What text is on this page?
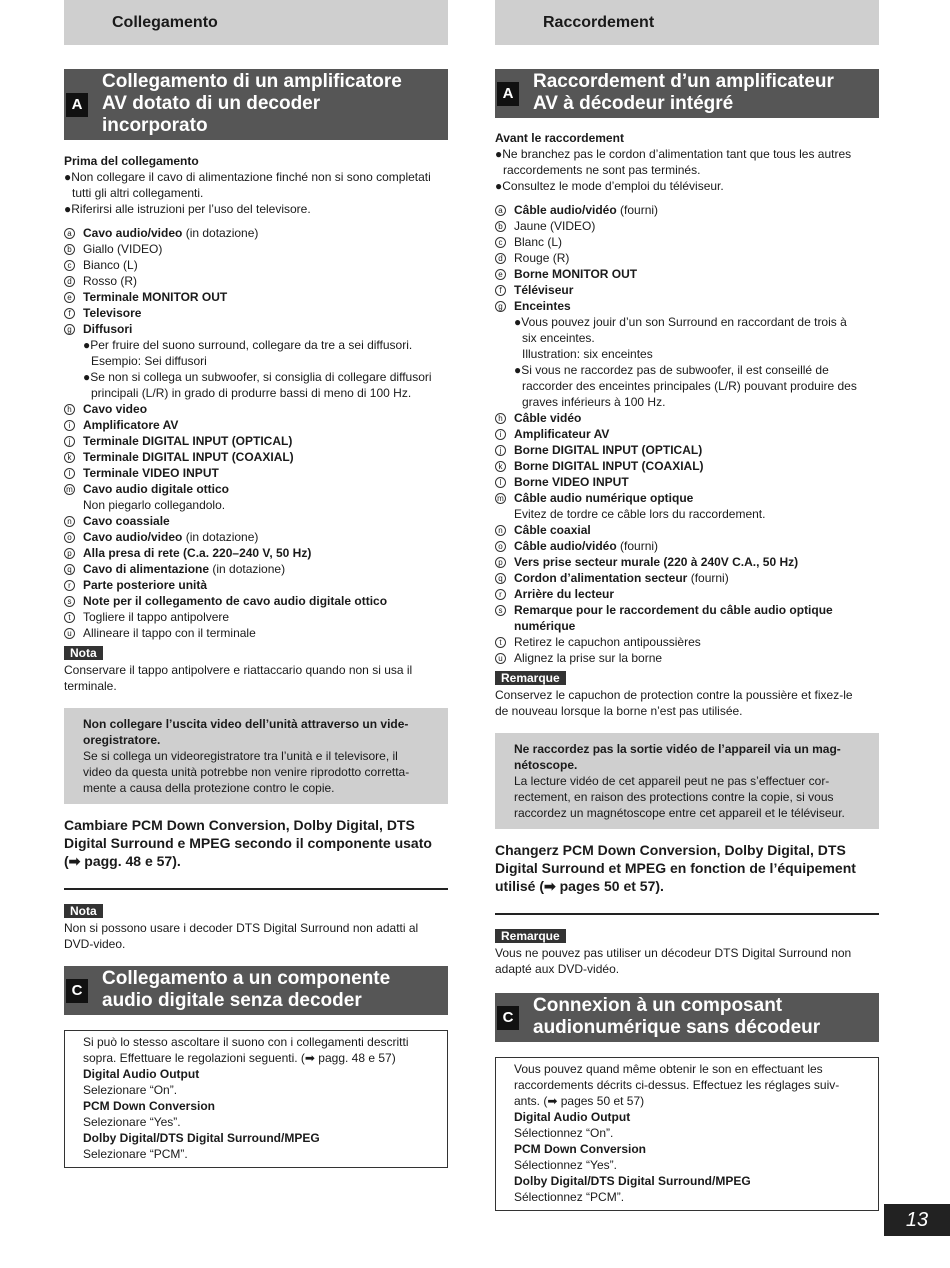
Collegamento
A
Collegamento di un amplificatore
AV dotato di un decoder
incorporato
Prima del collegamento
●Non collegare il cavo di alimentazione finché non si sono completati
tutti gli altri collegamenti.
●Riferirsi alle istruzioni per l’uso del televisore.
a Cavo audio/video (in dotazione)
b Giallo (VIDEO)
c Bianco (L)
d Rosso (R)
e Terminale MONITOR OUT
f	Televisore
g Diffusori
●Per fruire del suono surround, collegare da tre a sei diffusori.
Esempio: Sei diffusori
●Se non si collega un subwoofer, si consiglia di collegare diffusori
principali (L/R) in grado di produrre bassi di meno di 100 Hz.
h Cavo video
i	Amplificatore AV
j	Terminale DIGITAL INPUT (OPTICAL)
k Terminale DIGITAL INPUT (COAXIAL)
l	Terminale VIDEO INPUT
m Cavo audio digitale ottico
Non piegarlo collegandolo.
n Cavo coassiale
o Cavo audio/video (in dotazione)
p Alla presa di rete (C.a. 220–240 V, 50 Hz)
q Cavo di alimentazione (in dotazione)
r	Parte posteriore unità
s Note per il collegamento de cavo audio digitale ottico
t	Togliere il tappo antipolvere
u Allineare il tappo con il terminale
Nota
Conservare il tappo antipolvere e riattaccario quando non si usa il
terminale.
Non collegare l’uscita video dell’unità attraverso un vide-
oregistratore.
Se si collega un videoregistratore tra l’unità e il televisore, il
video da questa unità potrebbe non venire riprodotto corretta-
mente a causa della protezione contro le copie.
Cambiare PCM Down Conversion, Dolby Digital, DTS
Digital Surround e MPEG secondo il componente usato
(➡ pagg. 48 e 57).
Nota
Non si possono usare i decoder DTS Digital Surround non adatti al
DVD-video.
C
Collegamento a un componente
audio digitale senza decoder
Si può lo stesso ascoltare il suono con i collegamenti descritti
sopra. Effettuare le regolazioni seguenti. (➡ pagg. 48 e 57)
Digital Audio Output
Selezionare “On”.
PCM Down Conversion
Selezionare “Yes”.
Dolby Digital/DTS Digital Surround/MPEG
Selezionare “PCM”.
Raccordement
A
Raccordement d’un amplificateur
AV à décodeur intégré
Avant le raccordement
●Ne branchez pas le cordon d’alimentation tant que tous les autres
raccordements ne sont pas terminés.
●Consultez le mode d’emploi du téléviseur.
a Câble audio/vidéo (fourni)
b Jaune (VIDEO)
c Blanc (L)
d Rouge (R)
e Borne MONITOR OUT
f	Téléviseur
g Enceintes
●Vous pouvez jouir d’un son Surround en raccordant de trois à
six enceintes.
Illustration: six enceintes
●Si vous ne raccordez pas de subwoofer, il est conseillé de
raccorder des enceintes principales (L/R) pouvant produire des
graves inférieurs à 100 Hz.
h Câble vidéo
i	Amplificateur AV
j	Borne DIGITAL INPUT (OPTICAL)
k Borne DIGITAL INPUT (COAXIAL)
l	Borne VIDEO INPUT
m Câble audio numérique optique
Evitez de tordre ce câble lors du raccordement.
n Câble coaxial
o Câble audio/vidéo (fourni)
p Vers prise secteur murale (220 à 240V C.A., 50 Hz)
q Cordon d’alimentation secteur (fourni)
r	Arrière du lecteur
s Remarque pour le raccordement du câble audio optique numérique
t	Retirez le capuchon antipoussières
u Alignez la prise sur la borne
Remarque
Conservez le capuchon de protection contre la poussière et fixez-le
de nouveau lorsque la borne n’est pas utilisée.
Ne raccordez pas la sortie vidéo de l’appareil via un mag-
nétoscope.
La lecture vidéo de cet appareil peut ne pas s’effectuer cor-
rectement, en raison des protections contre la copie, si vous
raccordez un magnétoscope entre cet appareil et le téléviseur.
Changerz PCM Down Conversion, Dolby Digital, DTS
Digital Surround et MPEG en fonction de l’équipement
utilisé (➡ pages 50 et 57).
Remarque
Vous ne pouvez pas utiliser un décodeur DTS Digital Surround non
adapté aux DVD-vidéo.
C
Connexion à un composant
audionumérique sans décodeur
Vous pouvez quand même obtenir le son en effectuant les
raccordements décrits ci-dessus. Effectuez les réglages suiv-
ants. (➡ pages 50 et 57)
Digital Audio Output
Sélectionnez “On”.
PCM Down Conversion
Sélectionnez “Yes”.
Dolby Digital/DTS Digital Surround/MPEG
Sélectionnez “PCM”.
13
